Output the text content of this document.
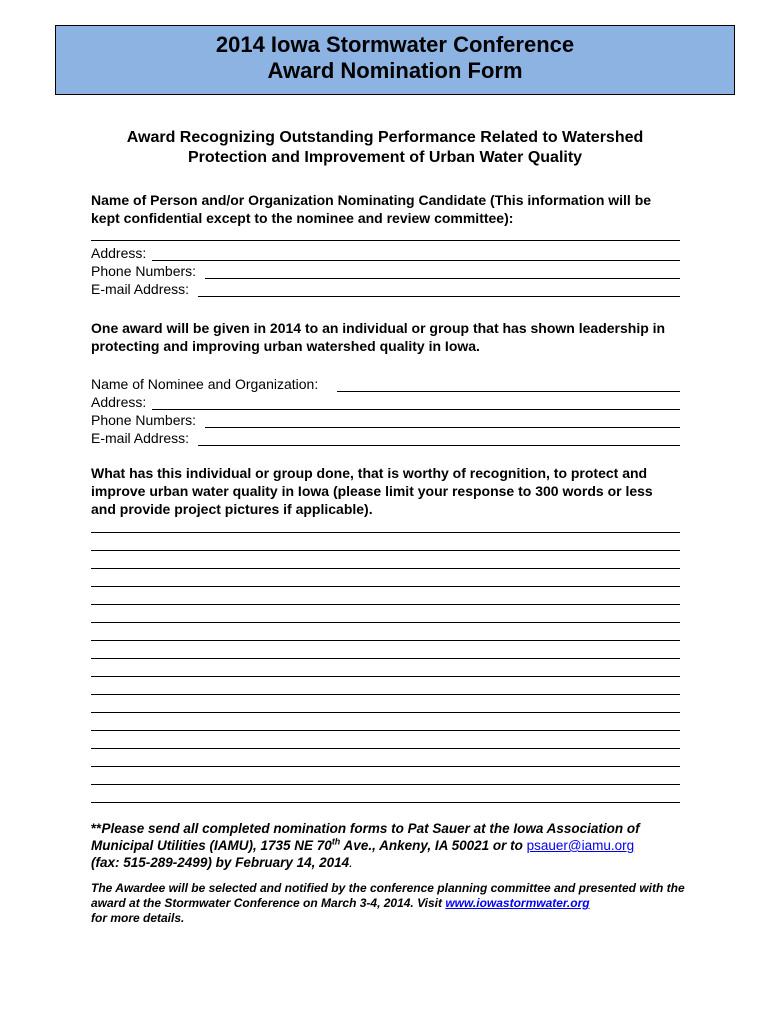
2014 Iowa Stormwater Conference
Award Nomination Form
Award Recognizing Outstanding Performance Related to Watershed
Protection and Improvement of Urban Water Quality
Name of Person and/or Organization Nominating Candidate (This information will be kept confidential except to the nominee and review committee):
Address:
Phone Numbers:
E-mail Address:
One award will be given in 2014 to an individual or group that has shown leadership in protecting and improving urban watershed quality in Iowa.
Name of Nominee and Organization:
Address:
Phone Numbers:
E-mail Address:
What has this individual or group done, that is worthy of recognition, to protect and improve urban water quality in Iowa (please limit your response to 300 words or less and provide project pictures if applicable).
**Please send all completed nomination forms to Pat Sauer at the Iowa Association of Municipal Utilities (IAMU), 1735 NE 70th Ave., Ankeny, IA 50021 or to psauer@iamu.org
(fax: 515-289-2499) by February 14, 2014.
The Awardee will be selected and notified by the conference planning committee and presented with the award at the Stormwater Conference on March 3-4, 2014. Visit www.iowastormwater.org
for more details.
